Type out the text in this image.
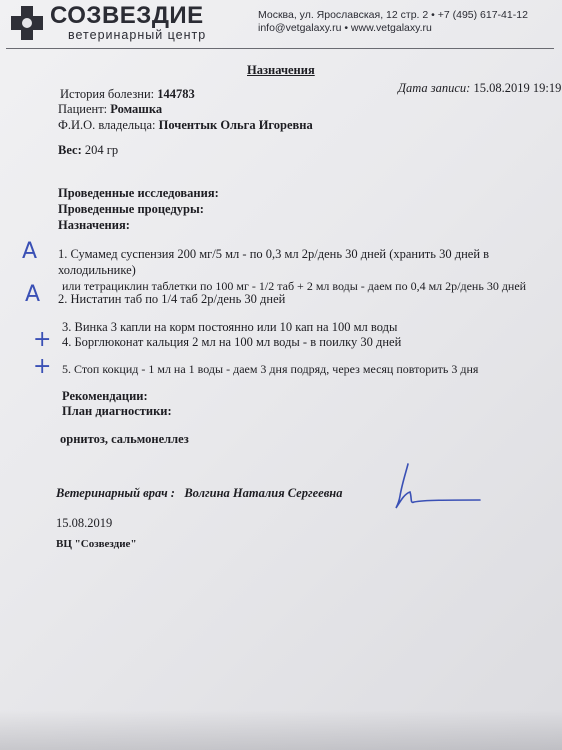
СОЗВЕЗДИЕ
ветеринарный центр
Москва, ул. Ярославская, 12 стр. 2 • +7 (495) 617-41-12
info@vetgalaxy.ru • www.vetgalaxy.ru
Назначения
Дата записи: 15.08.2019 19:19
История болезни: 144783
Пациент: Ромашка
Ф.И.О. владельца: Почентык Ольга Игоревна
Вес: 204 гр
Проведенные исследования:
Проведенные процедуры:
Назначения:
1. Сумамед суспензия 200 мг/5 мл - по 0,3 мл 2р/день 30 дней (хранить 30 дней в
холодильнике)
или тетрациклин таблетки по 100 мг - 1/2 таб + 2 мл воды - даем по 0,4 мл 2р/день 30 дней
2. Нистатин таб по 1/4 таб 2р/день 30 дней
3. Винка 3 капли на корм постоянно или 10 кап на 100 мл воды
4. Борглюконат кальция 2 мл на 100 мл воды - в поилку 30 дней
5. Стоп кокцид - 1 мл на 1 воды - даем 3 дня подряд, через месяц повторить 3 дня
A
A
+
+
Рекомендации:
План диагностики:
орнитоз, сальмонеллез
Ветеринарный врач : Волгина Наталия Сергеевна
15.08.2019
ВЦ "Созвездие"
